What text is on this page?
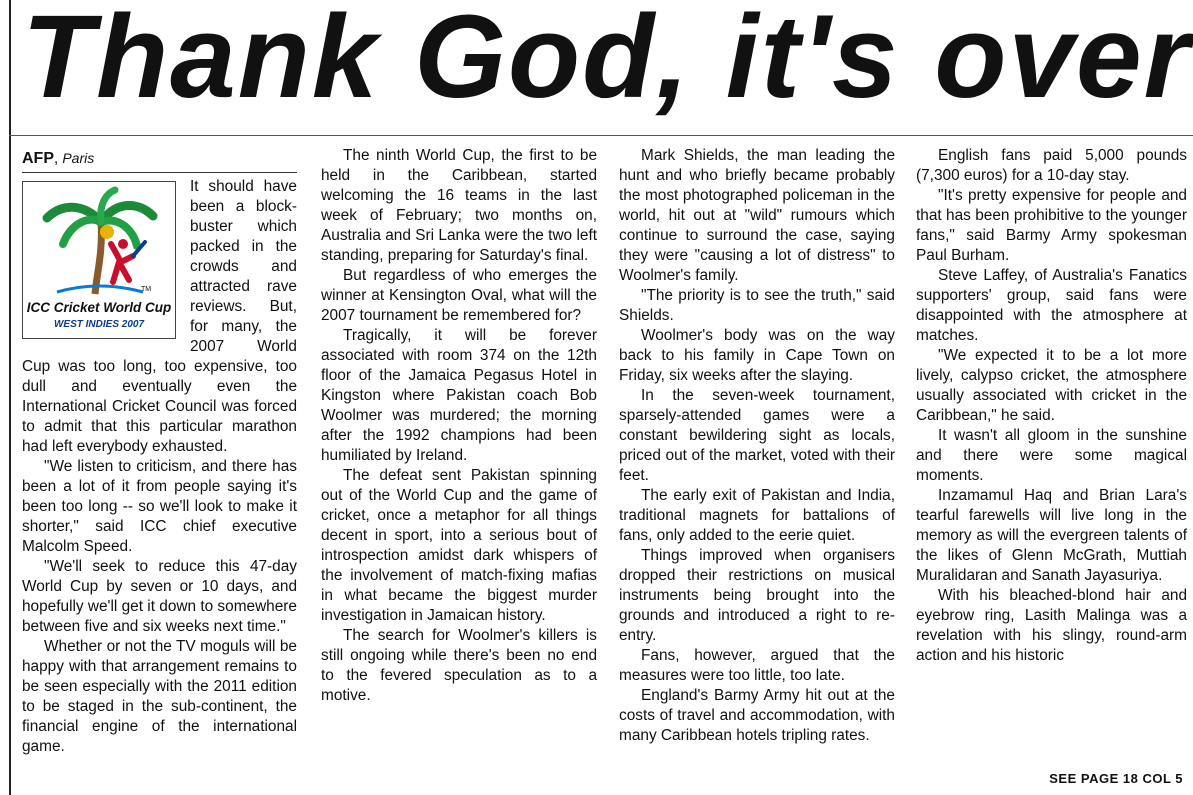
Thank God, it's over
AFP, Paris
TM
ICC Cricket World Cup
WEST INDIES 2007

It should have been a blockbuster which packed in the crowds and attracted rave reviews. But, for many, the 2007 World Cup was too long, too expensive, too dull and eventually even the International Cricket Council was forced to admit that this particular marathon had left everybody exhausted.

"We listen to criticism, and there has been a lot of it from people saying it's been too long -- so we'll look to make it shorter," said ICC chief executive Malcolm Speed.

"We'll seek to reduce this 47-day World Cup by seven or 10 days, and hopefully we'll get it down to somewhere between five and six weeks next time."

Whether or not the TV moguls will be happy with that arrangement remains to be seen especially with the 2011 edition to be staged in the sub-continent, the financial engine of the international game.

The ninth World Cup, the first to be held in the Caribbean, started welcoming the 16 teams in the last week of February; two months on, Australia and Sri Lanka were the two left standing, preparing for Saturday's final.

But regardless of who emerges the winner at Kensington Oval, what will the 2007 tournament be remembered for?

Tragically, it will be forever associated with room 374 on the 12th floor of the Jamaica Pegasus Hotel in Kingston where Pakistan coach Bob Woolmer was murdered; the morning after the 1992 champions had been humiliated by Ireland.

The defeat sent Pakistan spinning out of the World Cup and the game of cricket, once a metaphor for all things decent in sport, into a serious bout of introspection amidst dark whispers of the involvement of match-fixing mafias in what became the biggest murder investigation in Jamaican history.

The search for Woolmer's killers is still ongoing while there's been no end to the fevered speculation as to a motive.

Mark Shields, the man leading the hunt and who briefly became probably the most photographed policeman in the world, hit out at "wild" rumours which continue to surround the case, saying they were "causing a lot of distress" to Woolmer's family.

"The priority is to see the truth," said Shields.

Woolmer's body was on the way back to his family in Cape Town on Friday, six weeks after the slaying.

In the seven-week tournament, sparsely-attended games were a constant bewildering sight as locals, priced out of the market, voted with their feet.

The early exit of Pakistan and India, traditional magnets for battalions of fans, only added to the eerie quiet.

Things improved when organisers dropped their restrictions on musical instruments being brought into the grounds and introduced a right to re-entry.

Fans, however, argued that the measures were too little, too late.

England's Barmy Army hit out at the costs of travel and accommodation, with many Caribbean hotels tripling rates.

English fans paid 5,000 pounds (7,300 euros) for a 10-day stay.

"It's pretty expensive for people and that has been prohibitive to the younger fans," said Barmy Army spokesman Paul Burham.

Steve Laffey, of Australia's Fanatics supporters' group, said fans were disappointed with the atmosphere at matches.

"We expected it to be a lot more lively, calypso cricket, the atmosphere usually associated with cricket in the Caribbean," he said.

It wasn't all gloom in the sunshine and there were some magical moments.

Inzamamul Haq and Brian Lara's tearful farewells will live long in the memory as will the evergreen talents of the likes of Glenn McGrath, Muttiah Muralidaran and Sanath Jayasuriya.

With his bleached-blond hair and eyebrow ring, Lasith Malinga was a revelation with his slingy, round-arm action and his historic

SEE PAGE 18 COL 5
